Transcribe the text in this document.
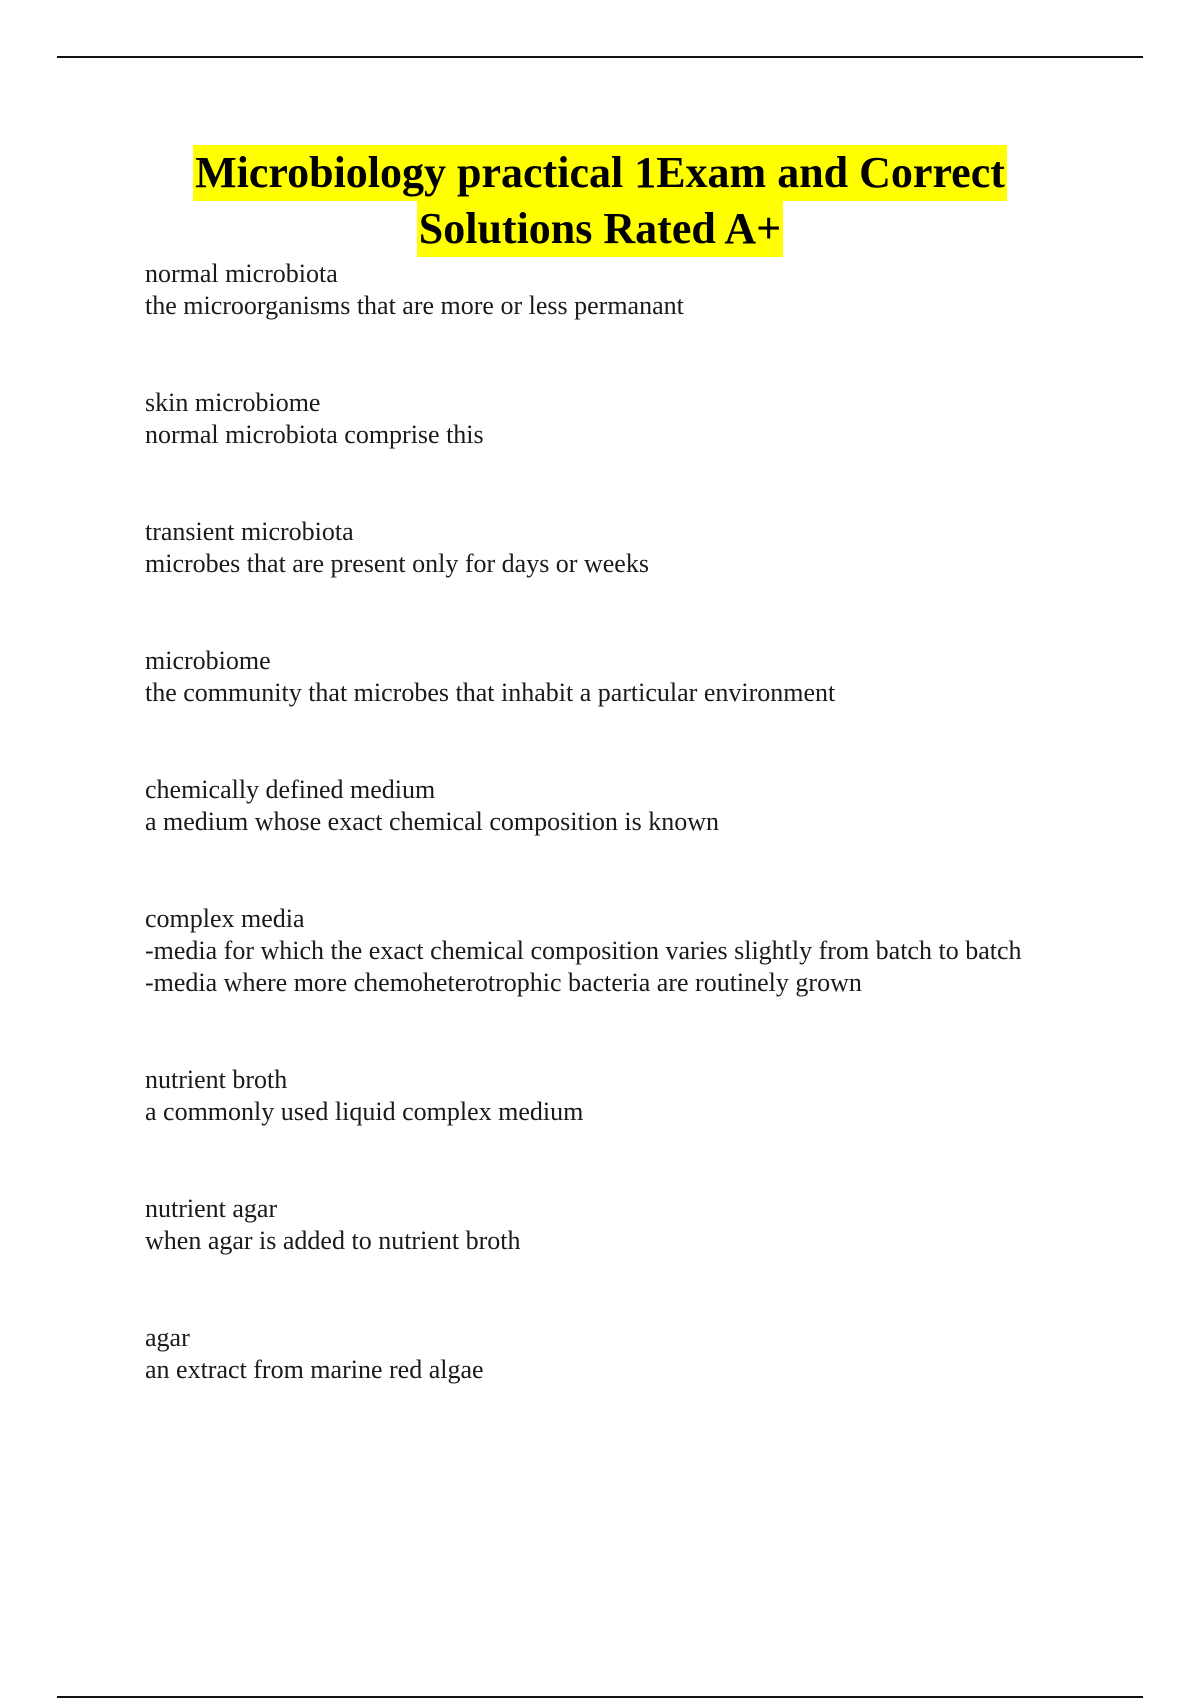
Microbiology practical 1Exam and Correct
Solutions Rated A+
normal microbiota
the microorganisms that are more or less permanant
skin microbiome
normal microbiota comprise this
transient microbiota
microbes that are present only for days or weeks
microbiome
the community that microbes that inhabit a particular environment
chemically defined medium
a medium whose exact chemical composition is known
complex media
-media for which the exact chemical composition varies slightly from batch to batch
-media where more chemoheterotrophic bacteria are routinely grown
nutrient broth
a commonly used liquid complex medium
nutrient agar
when agar is added to nutrient broth
agar
an extract from marine red algae
